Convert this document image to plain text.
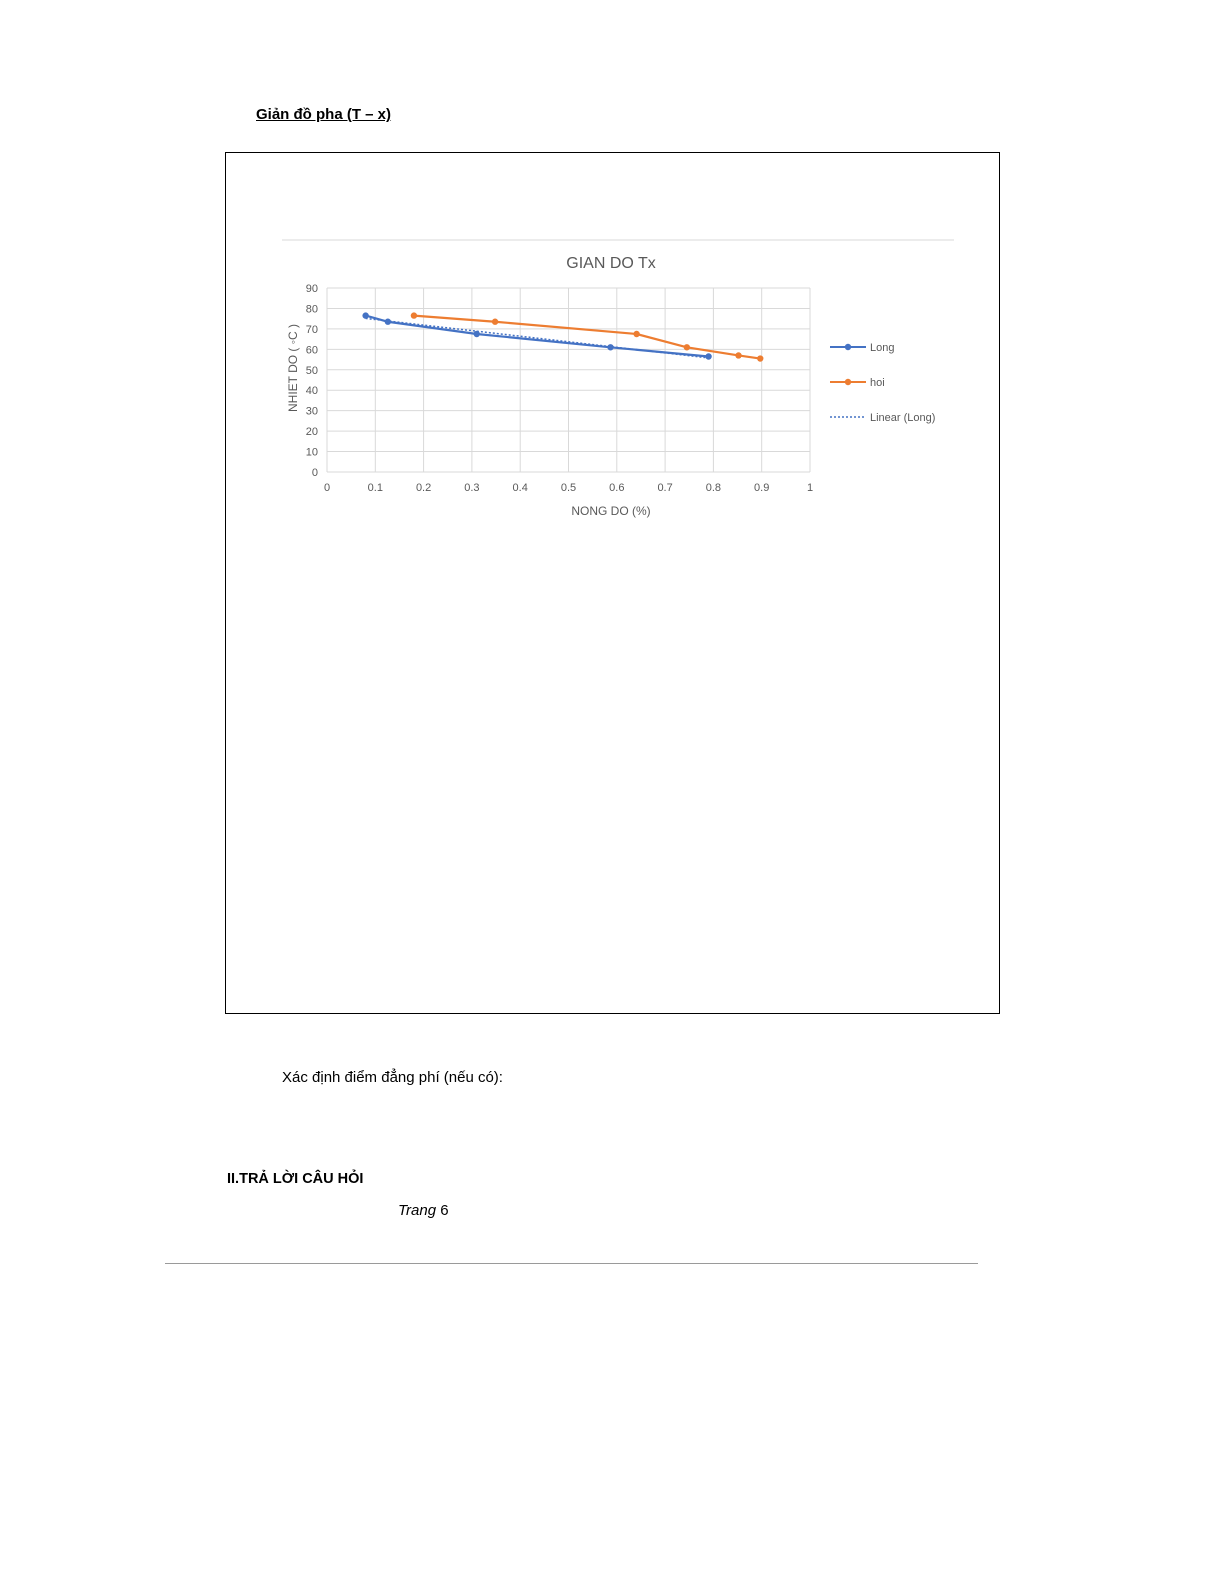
Giản đồ pha (T – x)
GIAN DO Tx
0
10
20
30
40
50
60
70
80
90
0	0.1	0.2	0.3	0.4	0.5	0.6	0.7	0.8	0.9	1
NONG DO (%)
NHIET DO ( ◦C )	Long
hoi
Linear (Long)
Xác định điểm đẳng phí (nếu có):
II.TRẢ LỜI CÂU HỎI
Trang 6
